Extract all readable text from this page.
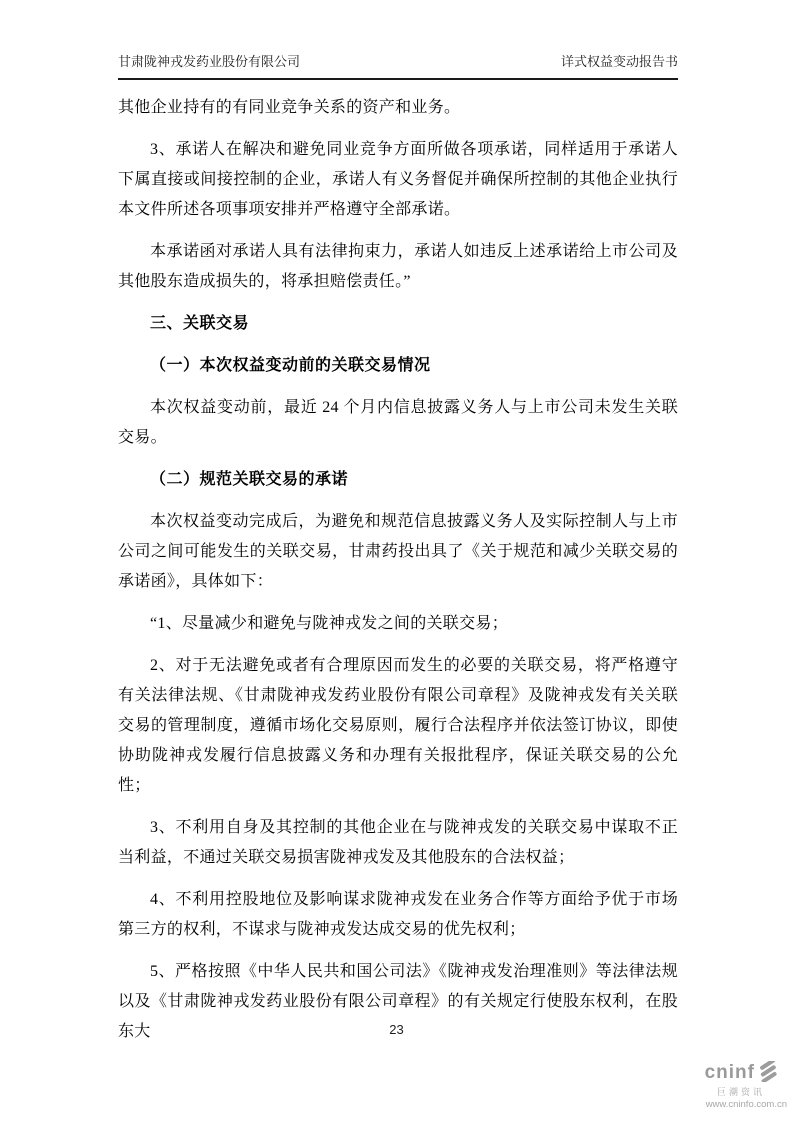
甘肃陇神戎发药业股份有限公司	详式权益变动报告书

其他企业持有的有同业竞争关系的资产和业务。

3、承诺人在解决和避免同业竞争方面所做各项承诺，同样适用于承诺人下属直接或间接控制的企业，承诺人有义务督促并确保所控制的其他企业执行本文件所述各项事项安排并严格遵守全部承诺。

本承诺函对承诺人具有法律拘束力，承诺人如违反上述承诺给上市公司及其他股东造成损失的，将承担赔偿责任。”

三、关联交易

（一）本次权益变动前的关联交易情况

本次权益变动前，最近 24 个月内信息披露义务人与上市公司未发生关联交易。

（二）规范关联交易的承诺

本次权益变动完成后，为避免和规范信息披露义务人及实际控制人与上市公司之间可能发生的关联交易，甘肃药投出具了《关于规范和减少关联交易的承诺函》，具体如下：

“1、尽量减少和避免与陇神戎发之间的关联交易；

2、对于无法避免或者有合理原因而发生的必要的关联交易，将严格遵守有关法律法规、《甘肃陇神戎发药业股份有限公司章程》及陇神戎发有关关联交易的管理制度，遵循市场化交易原则，履行合法程序并依法签订协议，即使协助陇神戎发履行信息披露义务和办理有关报批程序，保证关联交易的公允性；

3、不利用自身及其控制的其他企业在与陇神戎发的关联交易中谋取不正当利益，不通过关联交易损害陇神戎发及其他股东的合法权益；

4、不利用控股地位及影响谋求陇神戎发在业务合作等方面给予优于市场第三方的权利，不谋求与陇神戎发达成交易的优先权利；

5、严格按照《中华人民共和国公司法》《陇神戎发治理准则》等法律法规以及《甘肃陇神戎发药业股份有限公司章程》的有关规定行使股东权利，在股东大	23
cninf
巨潮资讯
www.cninfo.com.cn
